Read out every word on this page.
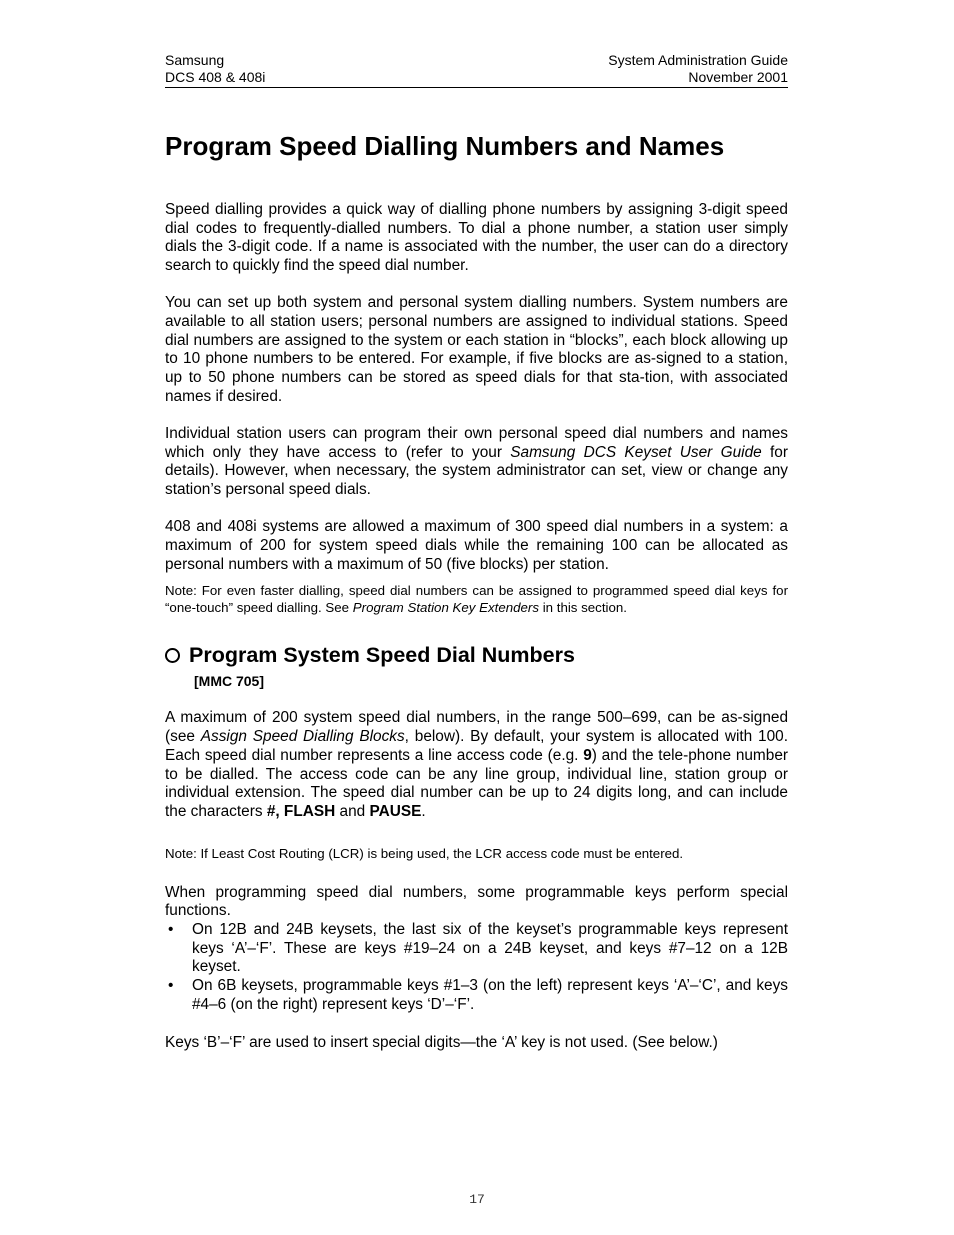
Samsung
DCS 408 & 408i
System Administration Guide
November 2001
Program Speed Dialling Numbers and Names

Speed dialling provides a quick way of dialling phone numbers by assigning 3-digit speed dial codes to frequently-dialled numbers. To dial a phone number, a station user simply dials the 3-digit code. If a name is associated with the number, the user can do a directory search to quickly find the speed dial number.

You can set up both system and personal system dialling numbers. System numbers are available to all station users; personal numbers are assigned to individual stations. Speed dial numbers are assigned to the system or each station in “blocks”, each block allowing up to 10 phone numbers to be entered. For example, if five blocks are as-signed to a station, up to 50 phone numbers can be stored as speed dials for that sta-tion, with associated names if desired.

Individual station users can program their own personal speed dial numbers and names which only they have access to (refer to your Samsung DCS Keyset User Guide for details). However, when necessary, the system administrator can set, view or change any station’s personal speed dials.

408 and 408i systems are allowed a maximum of 300 speed dial numbers in a system: a maximum of 200 for system speed dials while the remaining 100 can be allocated as personal numbers with a maximum of 50 (five blocks) per station.

Note: For even faster dialling, speed dial numbers can be assigned to programmed speed dial keys for “one-touch” speed dialling. See Program Station Key Extenders in this section.

Program System Speed Dial Numbers
[MMC 705]

A maximum of 200 system speed dial numbers, in the range 500–699, can be as-signed (see Assign Speed Dialling Blocks, below). By default, your system is allocated with 100. Each speed dial number represents a line access code (e.g. 9) and the tele-phone number to be dialled. The access code can be any line group, individual line, station group or individual extension. The speed dial number can be up to 24 digits long, and can include the characters #, FLASH and PAUSE.

Note: If Least Cost Routing (LCR) is being used, the LCR access code must be entered.

When programming speed dial numbers, some programmable keys perform special functions.

• On 12B and 24B keysets, the last six of the keyset’s programmable keys represent keys ‘A’–‘F’. These are keys #19–24 on a 24B keyset, and keys #7–12 on a 12B keyset.
• On 6B keysets, programmable keys #1–3 (on the left) represent keys ‘A’–‘C’, and keys #4–6 (on the right) represent keys ‘D’–‘F’.

Keys ‘B’–‘F’ are used to insert special digits—the ‘A’ key is not used. (See below.)

17
